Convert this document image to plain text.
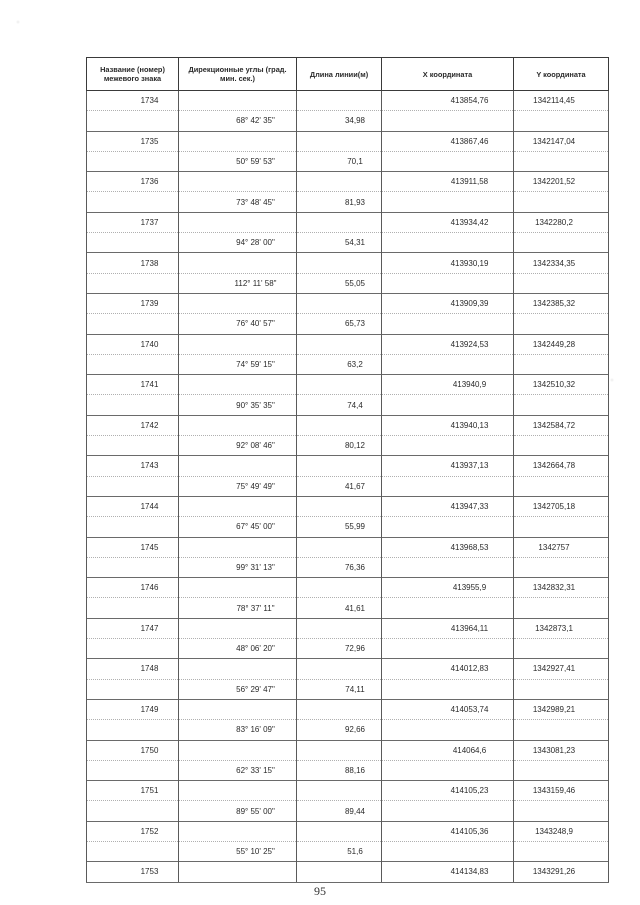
Название (номер) межевого знака	Дирекционные углы (град. мин. сек.)	Длина линии(м)	X координата	Y координата
1734			413854,76	1342114,45
	68° 42' 35"	34,98		
1735			413867,46	1342147,04
	50° 59' 53"	70,1		
1736			413911,58	1342201,52
	73° 48' 45"	81,93		
1737			413934,42	1342280,2
	94° 28' 00"	54,31		
1738			413930,19	1342334,35
	112° 11' 58"	55,05		
1739			413909,39	1342385,32
	76° 40' 57"	65,73		
1740			413924,53	1342449,28
	74° 59' 15"	63,2		
1741			413940,9	1342510,32
	90° 35' 35"	74,4		
1742			413940,13	1342584,72
	92° 08' 46"	80,12		
1743			413937,13	1342664,78
	75° 49' 49"	41,67		
1744			413947,33	1342705,18
	67° 45' 00"	55,99		
1745			413968,53	1342757
	99° 31' 13"	76,36		
1746			413955,9	1342832,31
	78° 37' 11"	41,61		
1747			413964,11	1342873,1
	48° 06' 20"	72,96		
1748			414012,83	1342927,41
	56° 29' 47"	74,11		
1749			414053,74	1342989,21
	83° 16' 09"	92,66		
1750			414064,6	1343081,23
	62° 33' 15"	88,16		
1751			414105,23	1343159,46
	89° 55' 00"	89,44		
1752			414105,36	1343248,9
	55° 10' 25"	51,6		
1753			414134,83	1343291,26
95
